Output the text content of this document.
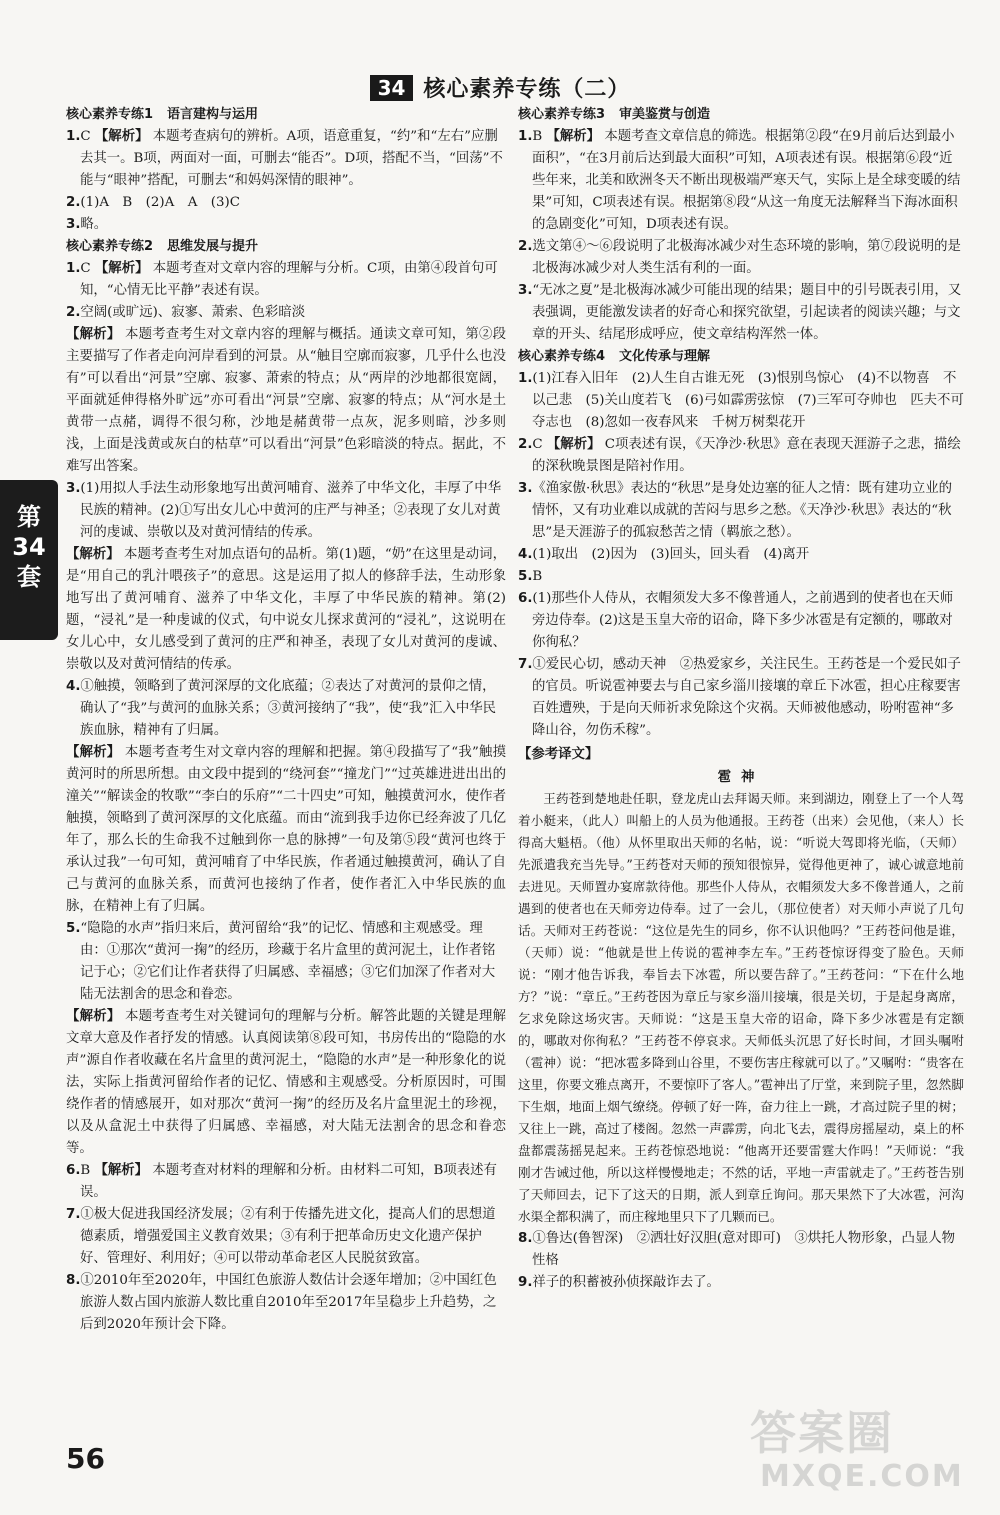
34 核心素养专练（二）
第
34
套
核心素养专练1 语言建构与运用
1.C 【解析】 本题考查病句的辨析。A项，语意重复，“约”和“左右”应删去其一。B项，两面对一面，可删去“能否”。D项，搭配不当，“回荡”不能与“眼神”搭配，可删去“和妈妈深情的眼神”。
2.(1)A　B　(2)A　A　(3)C
3.略。
核心素养专练2 思维发展与提升
1.C 【解析】 本题考查对文章内容的理解与分析。C项，由第④段首句可知，“心情无比平静”表述有误。
2.空阔(或旷远)、寂寥、萧索、色彩暗淡
【解析】 本题考查考生对文章内容的理解与概括。通读文章可知，第②段主要描写了作者走向河岸看到的河景。从“触目空廓而寂寥，几乎什么也没有”可以看出“河景”空廓、寂寥、萧索的特点；从“两岸的沙地都很宽阔，平面就延伸得格外旷远”亦可看出“河景”空廓、寂寥的特点；从“河水是土黄带一点赭，调得不很匀称，沙地是赭黄带一点灰，泥多则暗，沙多则浅，上面是浅黄或灰白的枯草”可以看出“河景”色彩暗淡的特点。据此，不难写出答案。
3.(1)用拟人手法生动形象地写出黄河哺育、滋养了中华文化，丰厚了中华民族的精神。(2)①写出女儿心中黄河的庄严与神圣；②表现了女儿对黄河的虔诚、崇敬以及对黄河情结的传承。
【解析】 本题考查考生对加点语句的品析。第(1)题，“奶”在这里是动词，是“用自己的乳汁喂孩子”的意思。这是运用了拟人的修辞手法，生动形象地写出了黄河哺育、滋养了中华文化，丰厚了中华民族的精神。第(2)题，“浸礼”是一种虔诚的仪式，句中说女儿探求黄河的“浸礼”，这说明在女儿心中，女儿感受到了黄河的庄严和神圣，表现了女儿对黄河的虔诚、崇敬以及对黄河情结的传承。
4.①触摸，领略到了黄河深厚的文化底蕴；②表达了对黄河的景仰之情，确认了“我”与黄河的血脉关系；③黄河接纳了“我”，使“我”汇入中华民族血脉，精神有了归属。
【解析】 本题考查考生对文章内容的理解和把握。第④段描写了“我”触摸黄河时的所思所想。由文段中提到的“绕河套”“撞龙门”“过英雄进进出出的潼关”“解读金的牧歌”“李白的乐府”“二十四史”可知，触摸黄河水，使作者触摸，领略到了黄河深厚的文化底蕴。而由“流到我手边你已经奔波了几亿年了，那么长的生命我不过触到你一息的脉搏”一句及第⑤段“黄河也终于承认过我”一句可知，黄河哺育了中华民族，作者通过触摸黄河，确认了自己与黄河的血脉关系，而黄河也接纳了作者，使作者汇入中华民族的血脉，在精神上有了归属。
5.“隐隐的水声”指归来后，黄河留给“我”的记忆、情感和主观感受。理由：①那次“黄河一掬”的经历，珍藏于名片盒里的黄河泥土，让作者铭记于心；②它们让作者获得了归属感、幸福感；③它们加深了作者对大陆无法割舍的思念和眷恋。
【解析】 本题考查考生对关键词句的理解与分析。解答此题的关键是理解文章大意及作者抒发的情感。认真阅读第⑧段可知，书房传出的“隐隐的水声”源自作者收藏在名片盒里的黄河泥土，“隐隐的水声”是一种形象化的说法，实际上指黄河留给作者的记忆、情感和主观感受。分析原因时，可围绕作者的情感展开，如对那次“黄河一掬”的经历及名片盒里泥土的珍视，以及从盒泥土中获得了归属感、幸福感，对大陆无法割舍的思念和眷恋等。
6.B 【解析】 本题考查对材料的理解和分析。由材料二可知，B项表述有误。
7.①极大促进我国经济发展；②有利于传播先进文化，提高人们的思想道德素质，增强爱国主义教育效果；③有利于把革命历史文化遗产保护好、管理好、利用好；④可以带动革命老区人民脱贫致富。
8.①2010年至2020年，中国红色旅游人数估计会逐年增加；②中国红色旅游人数占国内旅游人数比重自2010年至2017年呈稳步上升趋势，之后到2020年预计会下降。
核心素养专练3 审美鉴赏与创造
1.B 【解析】 本题考查文章信息的筛选。根据第②段“在9月前后达到最小面积”，“在3月前后达到最大面积”可知，A项表述有误。根据第⑥段“近些年来，北美和欧洲冬天不断出现极端严寒天气，实际上是全球变暖的结果”可知，C项表述有误。根据第⑧段“从这一角度无法解释当下海冰面积的急剧变化”可知，D项表述有误。
2.选文第④～⑥段说明了北极海冰减少对生态环境的影响，第⑦段说明的是北极海冰减少对人类生活有利的一面。
3.“无冰之夏”是北极海冰减少可能出现的结果；题目中的引号既表引用，又表强调，更能激发读者的好奇心和探究欲望，引起读者的阅读兴趣；与文章的开头、结尾形成呼应，使文章结构浑然一体。
核心素养专练4 文化传承与理解
1.(1)江春入旧年　(2)人生自古谁无死　(3)恨别鸟惊心　(4)不以物喜　不以己悲　(5)关山度若飞　(6)弓如霹雳弦惊　(7)三军可夺帅也　匹夫不可夺志也　(8)忽如一夜春风来　千树万树梨花开
2.C 【解析】 C项表述有误，《天净沙·秋思》意在表现天涯游子之悲，描绘的深秋晚景图是陪衬作用。
3.《渔家傲·秋思》表达的“秋思”是身处边塞的征人之情：既有建功立业的情怀，又有功业难以成就的苦闷与思乡之愁。《天净沙·秋思》表达的“秋思”是天涯游子的孤寂愁苦之情（羁旅之愁）。
4.(1)取出　(2)因为　(3)回头，回头看　(4)离开
5.B
6.(1)那些仆人侍从，衣帽须发大多不像普通人，之前遇到的使者也在天师旁边侍奉。(2)这是玉皇大帝的诏命，降下多少冰雹是有定额的，哪敢对你徇私？
7.①爱民心切，感动天神　②热爱家乡，关注民生。王药苍是一个爱民如子的官员。听说雹神要去与自己家乡淄川接壤的章丘下冰雹，担心庄稼要害百姓遭殃，于是向天师祈求免除这个灾祸。天师被他感动，吩咐雹神“多降山谷，勿伤禾稼”。
【参考译文】
雹神
王药苍到楚地赴任职，登龙虎山去拜谒天师。来到湖边，刚登上了一个人驾着小艇来，（此人）叫船上的人员为他通报。王药苍（出来）会见他，（来人）长得高大魁梧。（他）从怀里取出天师的名帖，说：“听说大驾即将光临，（天师）先派遣我充当先导。”王药苍对天师的预知很惊异，觉得他更神了，诚心诚意地前去进见。天师置办宴席款待他。那些仆人侍从，衣帽须发大多不像普通人，之前遇到的使者也在天师旁边侍奉。过了一会儿，（那位使者）对天师小声说了几句话。天师对王药苍说：“这位是先生的同乡，你不认识他吗？”王药苍问他是谁，（天师）说：“他就是世上传说的雹神李左车。”王药苍惊讶得变了脸色。天师说：“刚才他告诉我，奉旨去下冰雹，所以要告辞了。”王药苍问：“下在什么地方？”说：“章丘。”王药苍因为章丘与家乡淄川接壤，很是关切，于是起身离席，乞求免除这场灾害。天师说：“这是玉皇大帝的诏命，降下多少冰雹是有定额的，哪敢对你徇私？”王药苍不停哀求。天师低头沉思了好长时间，才回头嘱咐（雹神）说：“把冰雹多降到山谷里，不要伤害庄稼就可以了。”又嘱咐：“贵客在这里，你要文雅点离开，不要惊吓了客人。”雹神出了厅堂，来到院子里，忽然脚下生烟，地面上烟气缭绕。停顿了好一阵，奋力往上一跳，才高过院子里的树；又往上一跳，高过了楼阁。忽然一声霹雳，向北飞去，震得房摇屋动，桌上的杯盘都震荡摇晃起来。王药苍惊恐地说：“他离开还要雷霆大作吗！”天师说：“我刚才告诫过他，所以这样慢慢地走；不然的话，平地一声雷就走了。”王药苍告别了天师回去，记下了这天的日期，派人到章丘询问。那天果然下了大冰雹，河沟水渠全都积满了，而庄稼地里只下了几颗而已。
8.①鲁达(鲁智深)　②洒壮好汉胆(意对即可)　③烘托人物形象，凸显人物性格
9.祥子的积蓄被孙侦探敲诈去了。
56	答案圈
MXQE.COM
